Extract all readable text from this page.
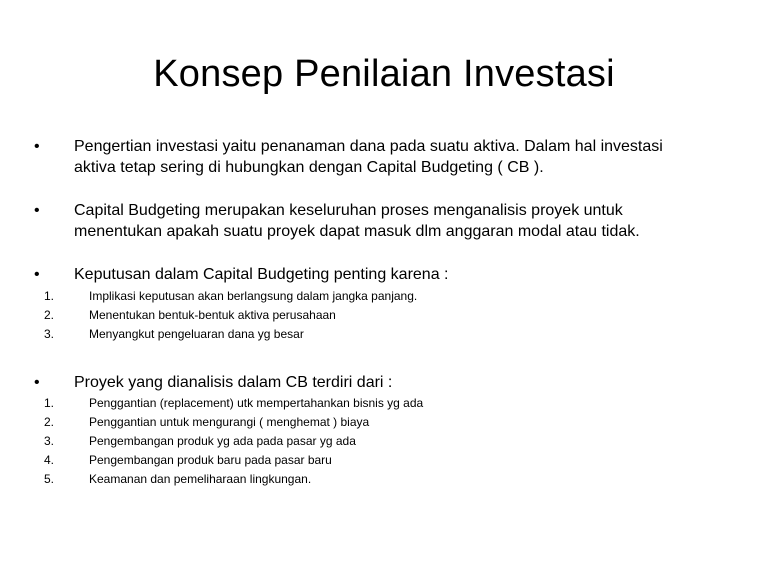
Konsep Penilaian Investasi
• Pengertian investasi yaitu penanaman dana pada suatu aktiva. Dalam hal investasi
aktiva tetap sering di hubungkan dengan Capital Budgeting ( CB ).
• Capital Budgeting merupakan keseluruhan proses menganalisis proyek untuk
menentukan apakah suatu proyek dapat masuk dlm anggaran modal atau tidak.
• Keputusan dalam Capital Budgeting penting karena :
1.	Implikasi keputusan akan berlangsung dalam jangka panjang.
2.	Menentukan bentuk-bentuk aktiva perusahaan
3.	Menyangkut pengeluaran dana yg besar
• Proyek yang dianalisis dalam CB terdiri dari :
1.	Penggantian (replacement) utk mempertahankan bisnis yg ada
2.	Penggantian untuk mengurangi ( menghemat ) biaya
3.	Pengembangan produk yg ada pada pasar yg ada
4.	Pengembangan produk baru pada pasar baru
5.	Keamanan dan pemeliharaan lingkungan.
